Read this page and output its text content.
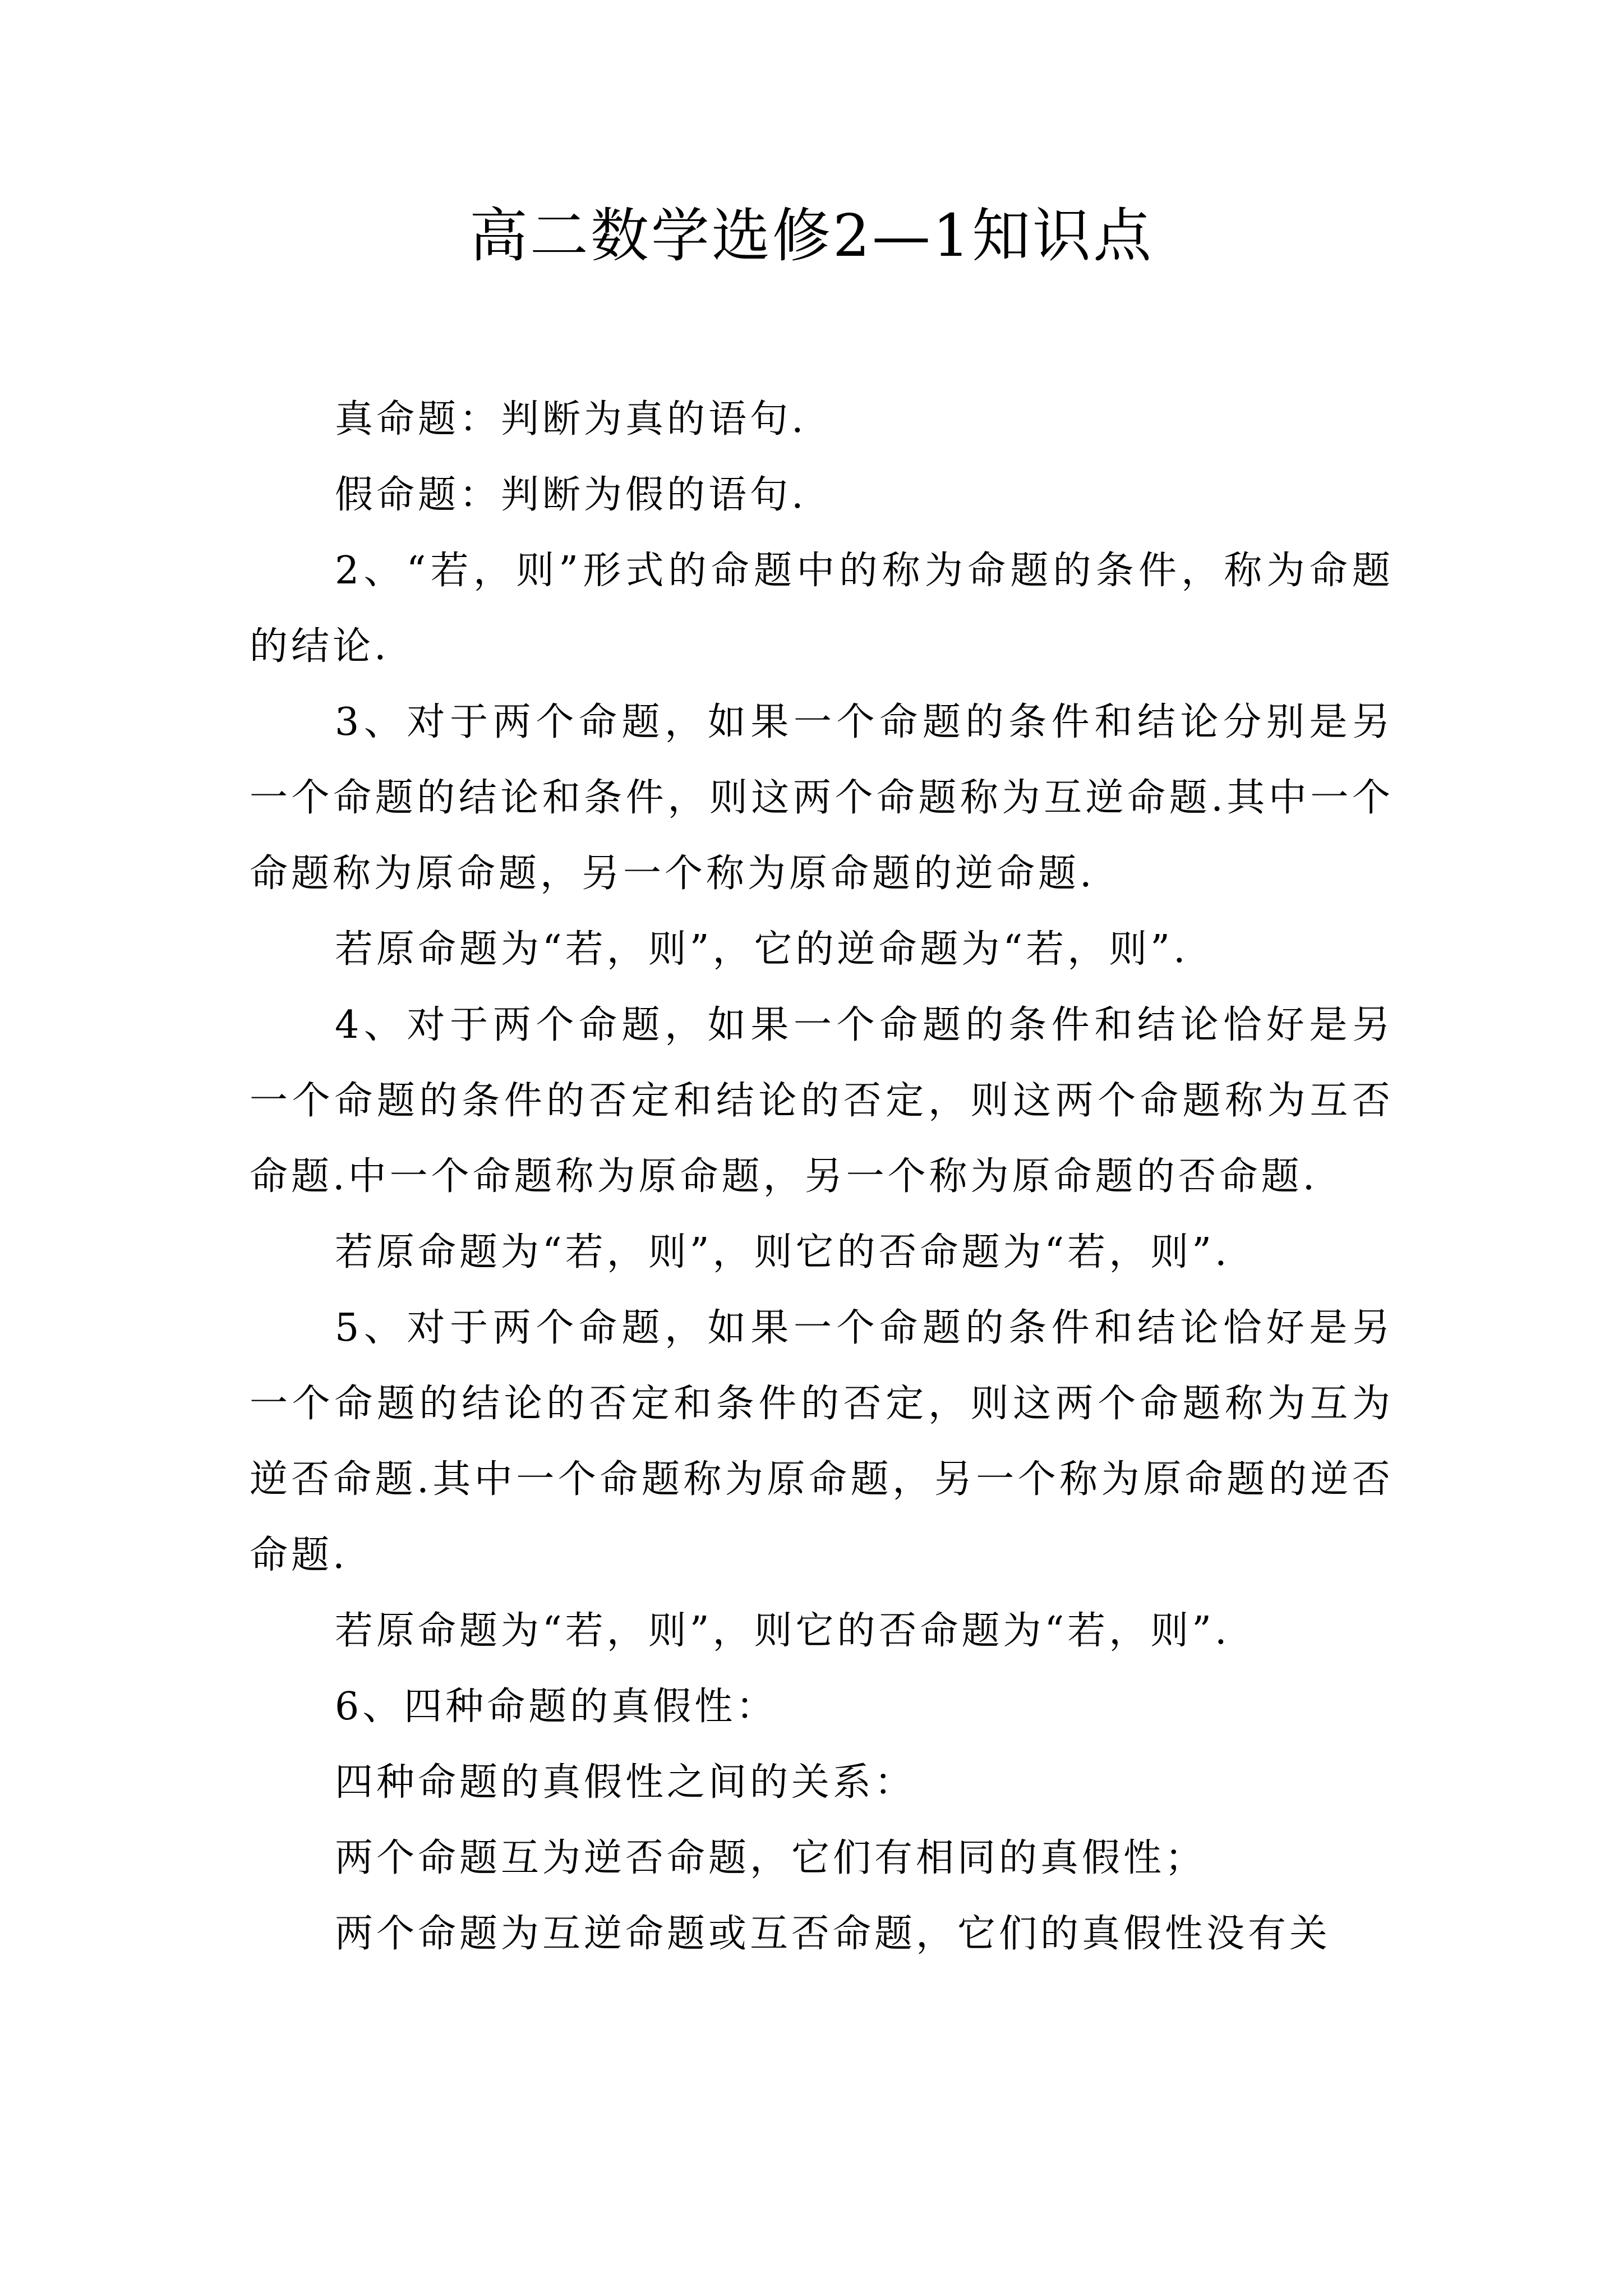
高二数学选修2—1知识点

真命题：判断为真的语句.

假命题：判断为假的语句.

2、“若，则”形式的命题中的称为命题的条件，称为命题的结论.

3、对于两个命题，如果一个命题的条件和结论分别是另一个命题的结论和条件，则这两个命题称为互逆命题.其中一个命题称为原命题，另一个称为原命题的逆命题.

若原命题为“若，则”，它的逆命题为“若，则”.

4、对于两个命题，如果一个命题的条件和结论恰好是另一个命题的条件的否定和结论的否定，则这两个命题称为互否命题.中一个命题称为原命题，另一个称为原命题的否命题.

若原命题为“若，则”，则它的否命题为“若，则”.

5、对于两个命题，如果一个命题的条件和结论恰好是另一个命题的结论的否定和条件的否定，则这两个命题称为互为逆否命题.其中一个命题称为原命题，另一个称为原命题的逆否命题.

若原命题为“若，则”，则它的否命题为“若，则”.

6、四种命题的真假性：

四种命题的真假性之间的关系：

两个命题互为逆否命题，它们有相同的真假性；

两个命题为互逆命题或互否命题，它们的真假性没有关
